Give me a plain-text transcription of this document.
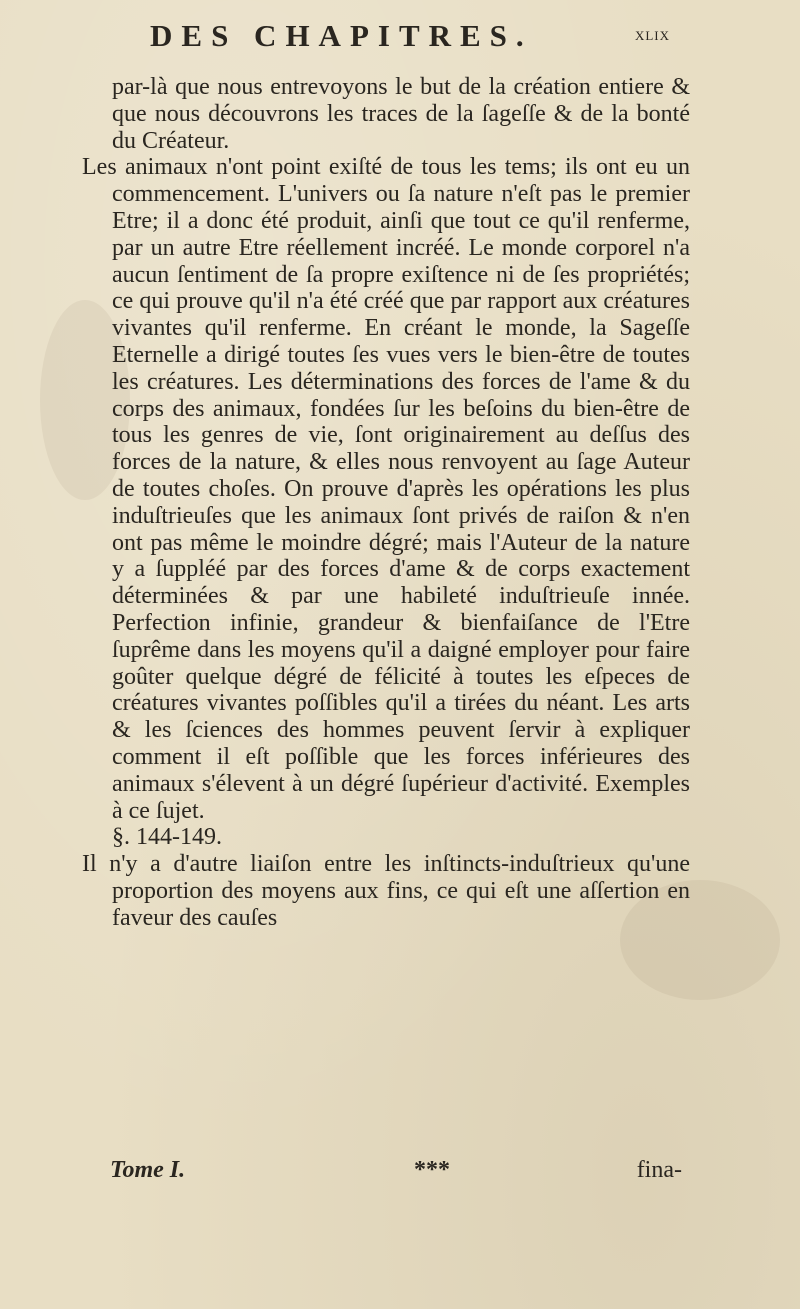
DES CHAPITRES.	xlix

par-là que nous entrevoyons le but de la création entiere & que nous découvrons les traces de la ſageſſe & de la bonté du Créateur.

Les animaux n'ont point exiſté de tous les tems; ils ont eu un commencement. L'univers ou ſa nature n'eſt pas le premier Etre; il a donc été produit, ainſi que tout ce qu'il renferme, par un autre Etre réellement incréé. Le monde corporel n'a aucun ſentiment de ſa propre exiſtence ni de ſes propriétés; ce qui prouve qu'il n'a été créé que par rapport aux créatures vivantes qu'il renferme. En créant le monde, la Sageſſe Eternelle a dirigé toutes ſes vues vers le bien-être de toutes les créatures. Les déterminations des forces de l'ame & du corps des animaux, fondées ſur les beſoins du bien-être de tous les genres de vie, ſont originairement au deſſus des forces de la nature, & elles nous renvoyent au ſage Auteur de toutes choſes. On prouve d'après les opérations les plus induſtrieuſes que les animaux ſont privés de raiſon & n'en ont pas même le moindre dégré; mais l'Auteur de la nature y a ſuppléé par des forces d'ame & de corps exactement déterminées & par une habileté induſtrieuſe innée. Perfection infinie, grandeur & bienfaiſance de l'Etre ſuprême dans les moyens qu'il a daigné employer pour faire goûter quelque dégré de félicité à toutes les eſpeces de créatures vivantes poſſibles qu'il a tirées du néant. Les arts & les ſciences des hommes peuvent ſervir à expliquer comment il eſt poſſible que les forces inférieures des animaux s'élevent à un dégré ſupérieur d'activité. Exemples à ce ſujet.

§. 144-149.

Il n'y a d'autre liaiſon entre les inſtincts-induſtrieux qu'une proportion des moyens aux fins, ce qui eſt une aſſertion en faveur des cauſes

Tome I.	***	fina-
